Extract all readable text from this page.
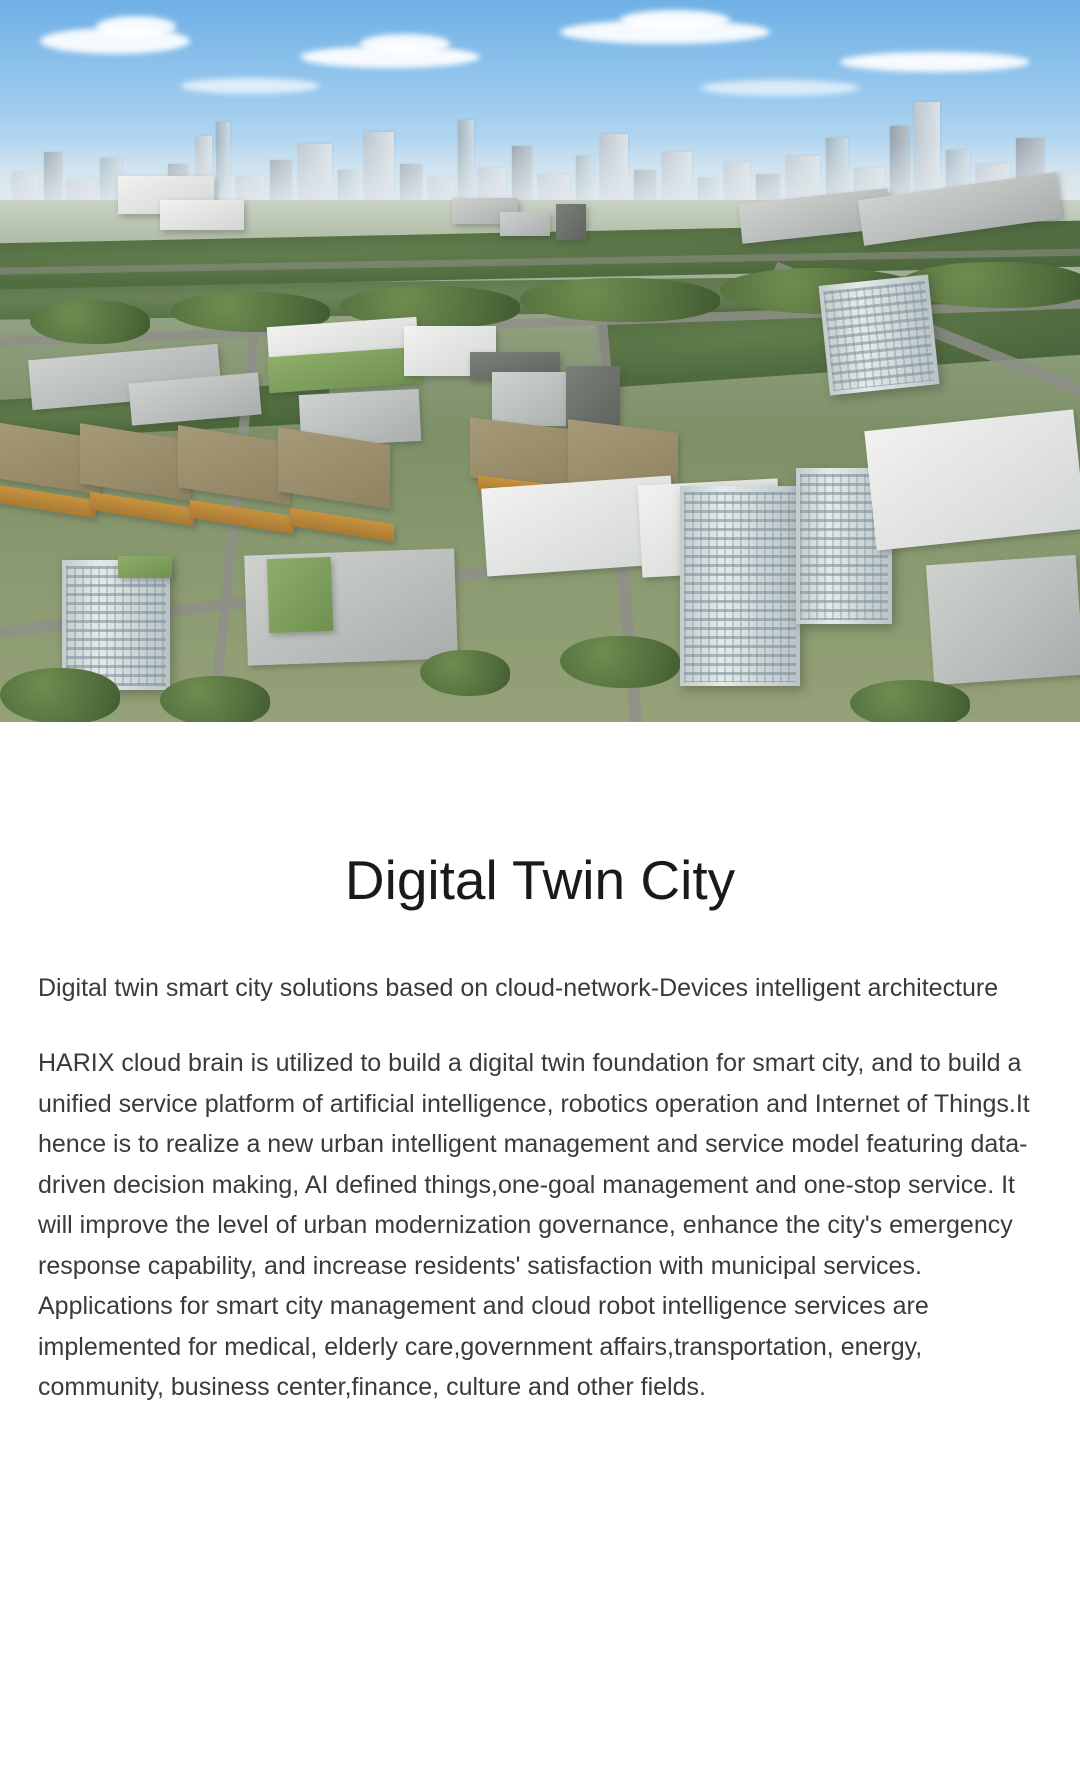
Digital Twin City

Digital twin smart city solutions based on cloud-network-Devices intelligent architecture

HARIX cloud brain is utilized to build a digital twin foundation for smart city, and to build a unified service platform of artificial intelligence, robotics operation and Internet of Things.It hence is to realize a new urban intelligent management and service model featuring data-driven decision making, AI defined things,one-goal management and one-stop service. It will improve the level of urban modernization governance, enhance the city's emergency response capability, and increase residents' satisfaction with municipal services.

Applications for smart city management and cloud robot intelligence services are implemented for medical, elderly care,government affairs,transportation, energy, community, business center,finance, culture and other fields.
